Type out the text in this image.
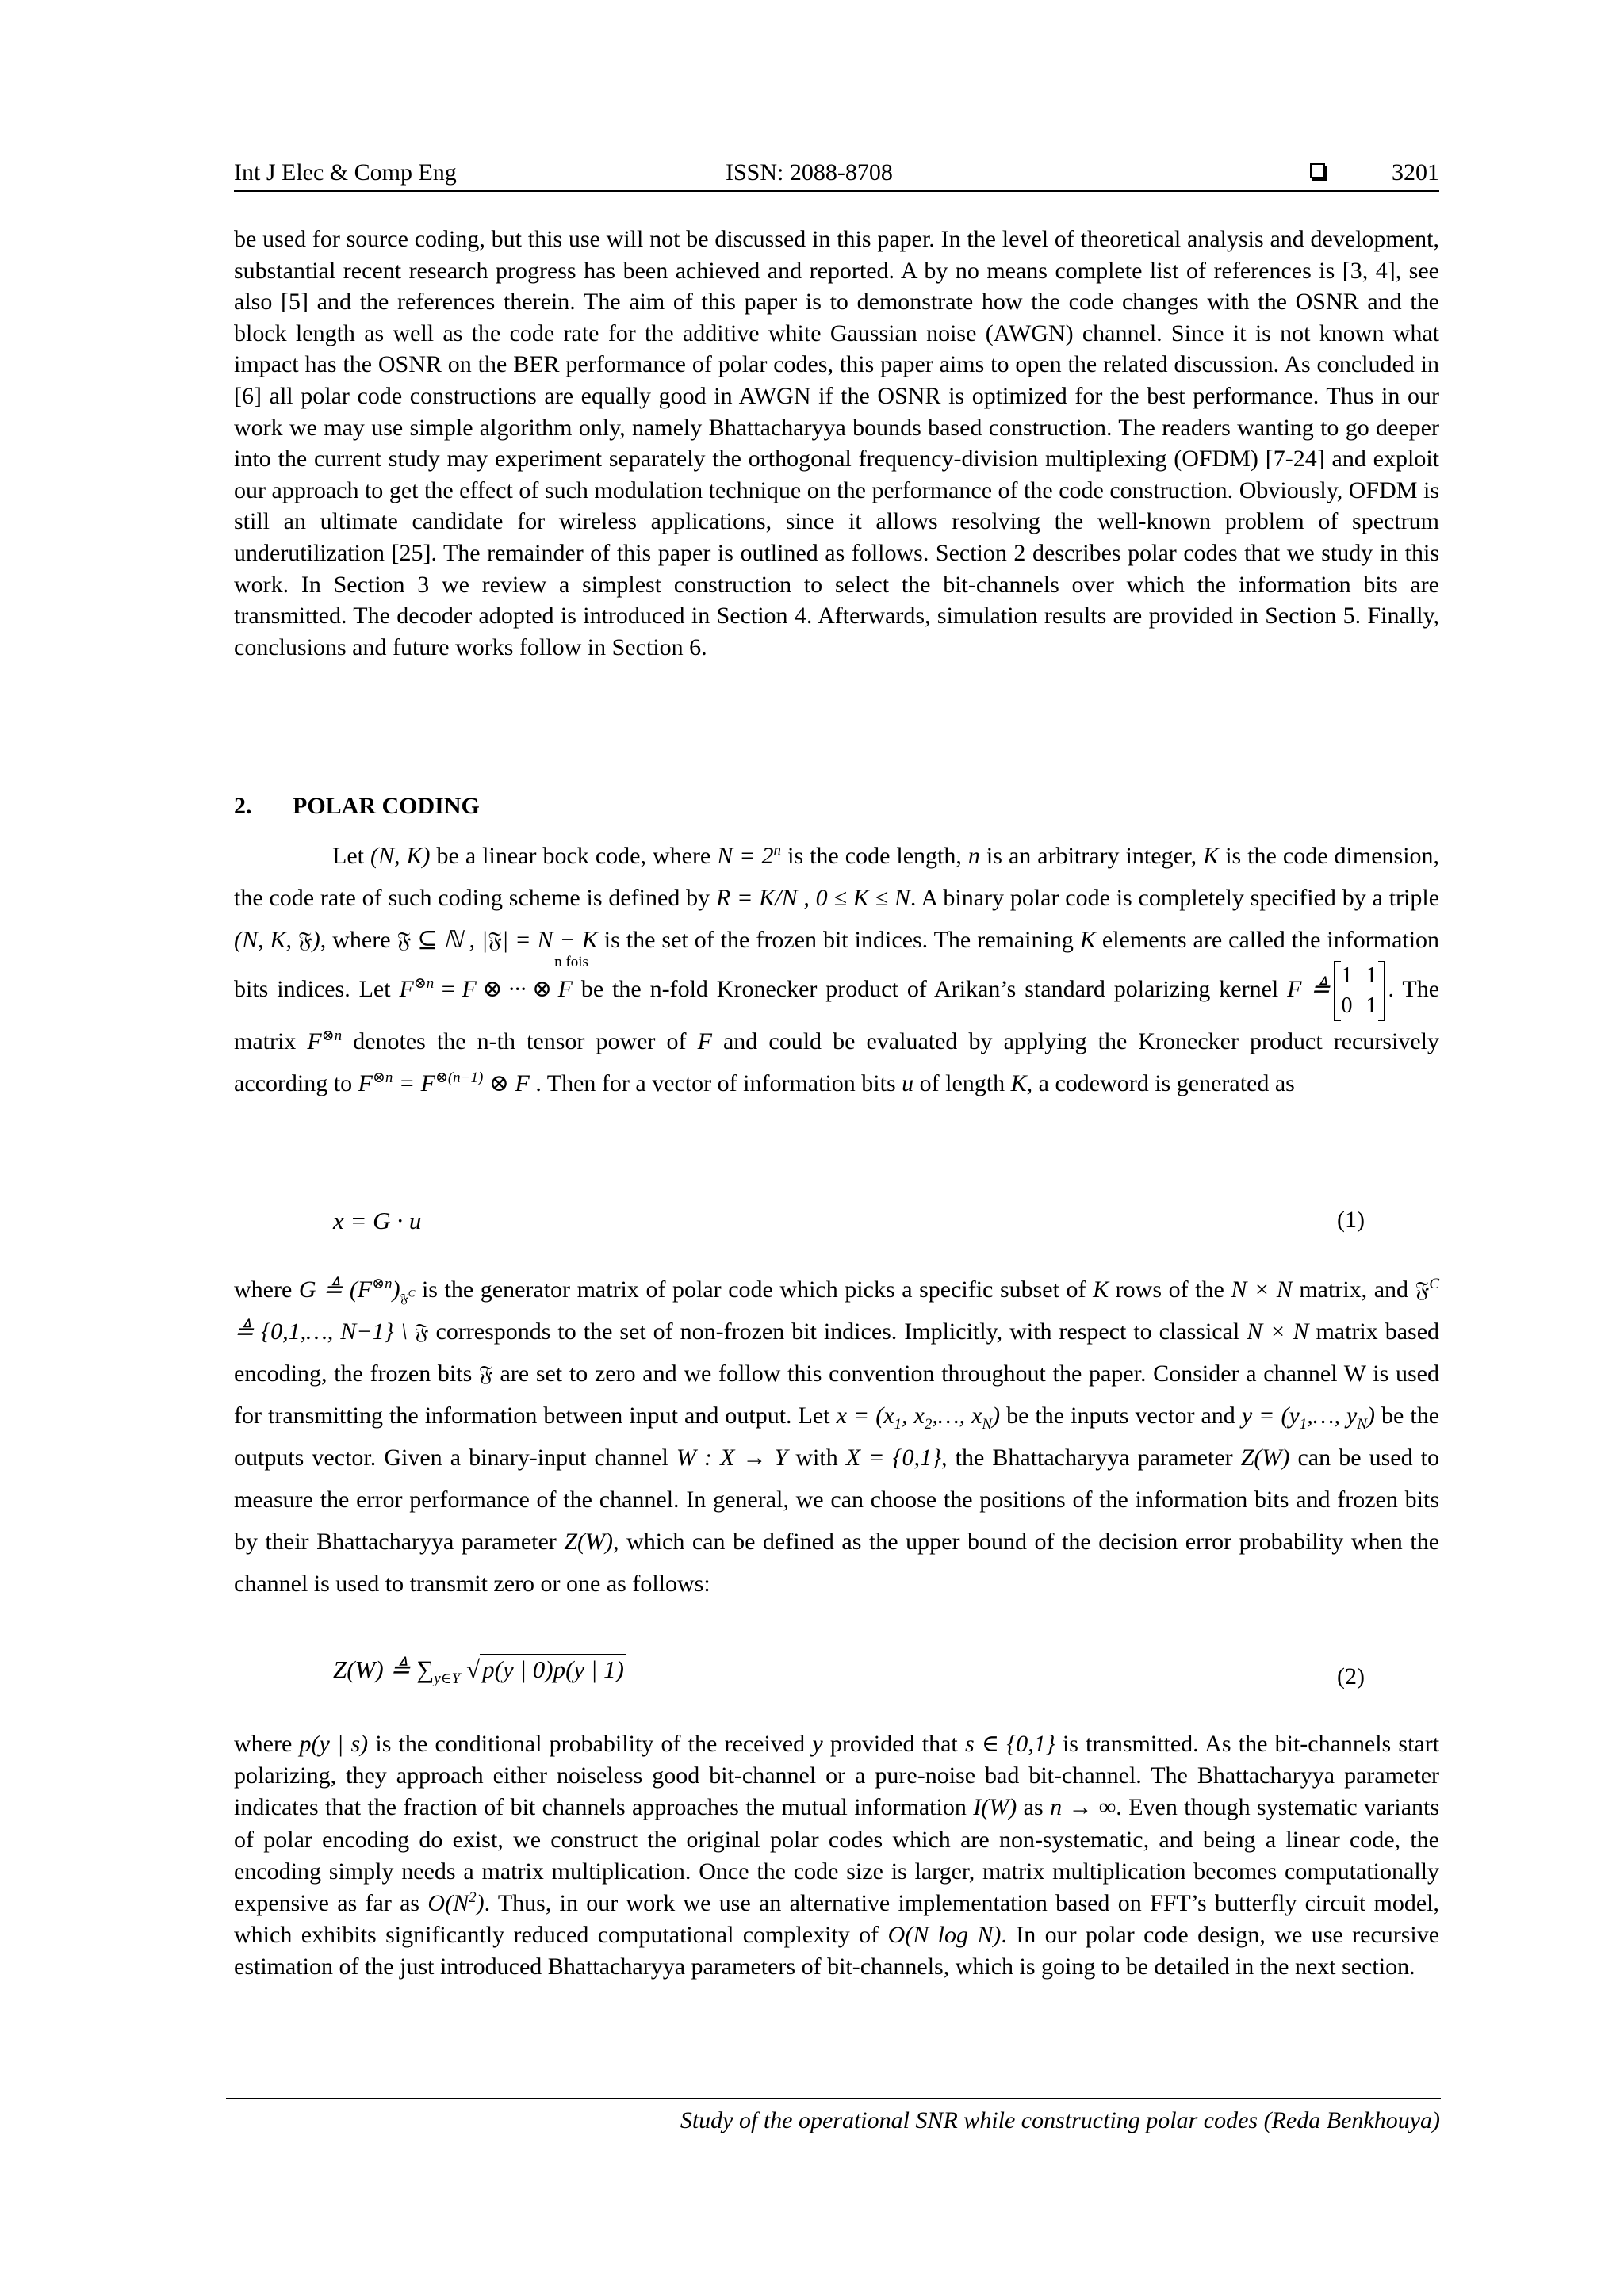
Int J Elec & Comp Eng	ISSN: 2088-8708	3201

be used for source coding, but this use will not be discussed in this paper. In the level of theoretical analysis and development, substantial recent research progress has been achieved and reported. A by no means complete list of references is [3, 4], see also [5] and the references therein. The aim of this paper is to demonstrate how the code changes with the OSNR and the block length as well as the code rate for the additive white Gaussian noise (AWGN) channel. Since it is not known what impact has the OSNR on the BER performance of polar codes, this paper aims to open the related discussion. As concluded in [6] all polar code constructions are equally good in AWGN if the OSNR is optimized for the best performance. Thus in our work we may use simple algorithm only, namely Bhattacharyya bounds based construction. The readers wanting to go deeper into the current study may experiment separately the orthogonal frequency-division multiplexing (OFDM) [7-24] and exploit our approach to get the effect of such modulation technique on the performance of the code construction. Obviously, OFDM is still an ultimate candidate for wireless applications, since it allows resolving the well-known problem of spectrum underutilization [25]. The remainder of this paper is outlined as follows. Section 2 describes polar codes that we study in this work. In Section 3 we review a simplest construction to select the bit-channels over which the information bits are transmitted. The decoder adopted is introduced in Section 4. Afterwards, simulation results are provided in Section 5. Finally, conclusions and future works follow in Section 6.

2. POLAR CODING

Let (N, K) be a linear bock code, where $N = 2^n$ is the code length, n is an arbitrary integer, K is the code dimension, the code rate of such coding scheme is defined by R = K/N , 0 ≤ K ≤ N. A binary polar code is completely specified by a triple (N, K, 𝔉), where 𝔉 ⊆ ℕ , |𝔉| = N − K is the set of the frozen bit indices. The remaining K elements are called the information bits indices. Let $F^{\otimes n} = F$ ⊗ ··· ⊗ F
n fois
be the n-fold Kronecker product of Arikan’s standard polarizing kernel F ≜
1 1
0 1
. The matrix $F^{\otimes n}$ denotes the n-th tensor power of F and could be evaluated by applying the Kronecker product recursively according to $F^{\otimes n} = F^{\otimes(n-1)}$ ⊗ F . Then for a vector of information bits u of length K, a codeword is generated as

x = G · u	(1)

where G ≜ $(F^{\otimes n})_{𝔉^C}$ is the generator matrix of polar code which picks a specific subset of K rows of the N × N matrix, and 𝔉$^C$ ≜ {0,1,…, N−1} \ 𝔉 corresponds to the set of non-frozen bit indices. Implicitly, with respect to classical N × N matrix based encoding, the frozen bits 𝔉 are set to zero and we follow this convention throughout the paper. Consider a channel W is used for transmitting the information between input and output. Let $x = (x_1$, $x_2,\dots$, $x_N$) be the inputs vector and $y = (y_1,\dots$, $y_N$) be the outputs vector. Given a binary-input channel W : X → Y with X = {0,1}, the Bhattacharyya parameter Z(W) can be used to measure the error performance of the channel. In general, we can choose the positions of the information bits and frozen bits by their Bhattacharyya parameter Z(W), which can be defined as the upper bound of the decision error probability when the channel is used to transmit zero or one as follows:

Z(W) ≜ $\sum_{y\in Y}$ √p(y | 0)p(y | 1)	(2)

where p(y | s) is the conditional probability of the received y provided that s ∈ {0,1} is transmitted. As the bit-channels start polarizing, they approach either noiseless good bit-channel or a pure-noise bad bit-channel. The Bhattacharyya parameter indicates that the fraction of bit channels approaches the mutual information I(W) as n → ∞. Even though systematic variants of polar encoding do exist, we construct the original polar codes which are non-systematic, and being a linear code, the encoding simply needs a matrix multiplication. Once the code size is larger, matrix multiplication becomes computationally expensive as far as $O(N^2)$. Thus, in our work we use an alternative implementation based on FFT’s butterfly circuit model, which exhibits significantly reduced computational complexity of O(N log N). In our polar code design, we use recursive estimation of the just introduced Bhattacharyya parameters of bit-channels, which is going to be detailed in the next section.

Study of the operational SNR while constructing polar codes (Reda Benkhouya)
